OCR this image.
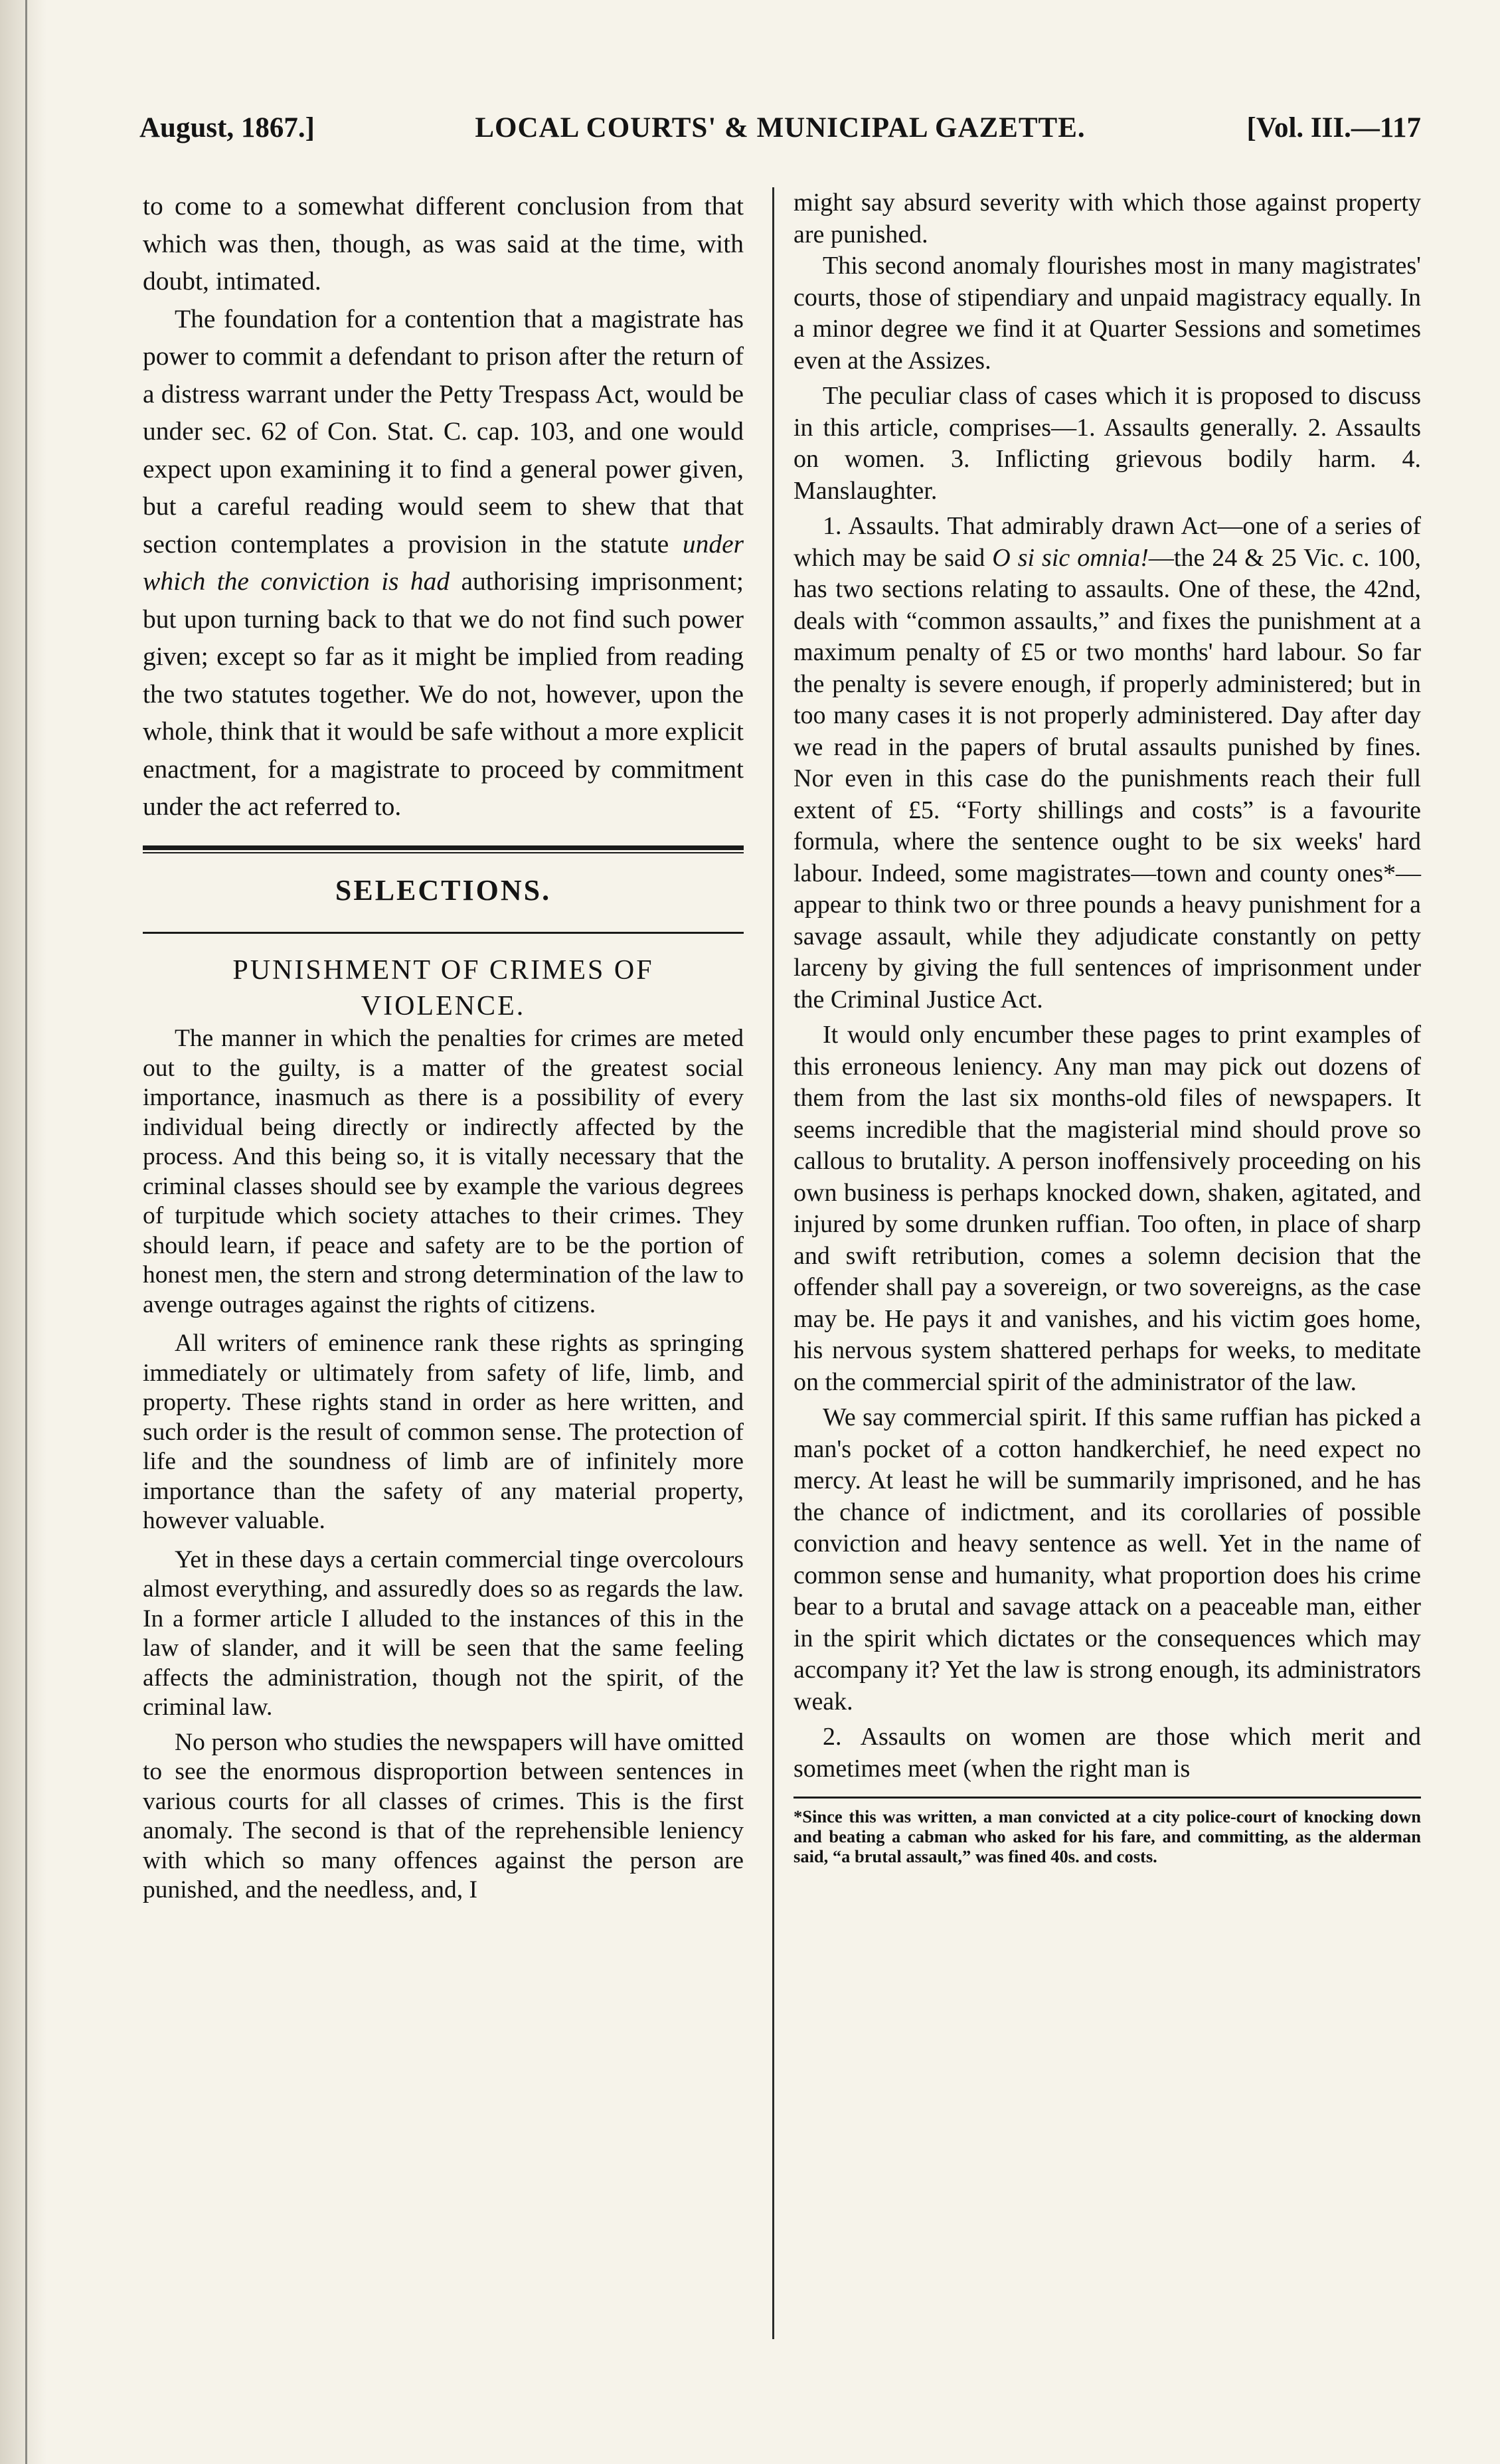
August, 1867.]	LOCAL COURTS' & MUNICIPAL GAZETTE.	[Vol. III.—117

to come to a somewhat different conclusion from that which was then, though, as was said at the time, with doubt, intimated.

The foundation for a contention that a magistrate has power to commit a defendant to prison after the return of a distress warrant under the Petty Trespass Act, would be under sec. 62 of Con. Stat. C. cap. 103, and one would expect upon examining it to find a general power given, but a careful reading would seem to shew that that section contemplates a provision in the statute under which the conviction is had authorising imprisonment; but upon turning back to that we do not find such power given; except so far as it might be implied from reading the two statutes together. We do not, however, upon the whole, think that it would be safe without a more explicit enactment, for a magistrate to proceed by commitment under the act referred to.

SELECTIONS.

PUNISHMENT OF CRIMES OF
VIOLENCE.

The manner in which the penalties for crimes are meted out to the guilty, is a matter of the greatest social importance, inasmuch as there is a possibility of every individual being directly or indirectly affected by the process. And this being so, it is vitally necessary that the criminal classes should see by example the various degrees of turpitude which society attaches to their crimes. They should learn, if peace and safety are to be the portion of honest men, the stern and strong determination of the law to avenge outrages against the rights of citizens.

All writers of eminence rank these rights as springing immediately or ultimately from safety of life, limb, and property. These rights stand in order as here written, and such order is the result of common sense. The protection of life and the soundness of limb are of infinitely more importance than the safety of any material property, however valuable.

Yet in these days a certain commercial tinge overcolours almost everything, and assuredly does so as regards the law. In a former article I alluded to the instances of this in the law of slander, and it will be seen that the same feeling affects the administration, though not the spirit, of the criminal law.

No person who studies the newspapers will have omitted to see the enormous disproportion between sentences in various courts for all classes of crimes. This is the first anomaly. The second is that of the reprehensible leniency with which so many offences against the person are punished, and the needless, and, I

might say absurd severity with which those against property are punished.

This second anomaly flourishes most in many magistrates' courts, those of stipendiary and unpaid magistracy equally. In a minor degree we find it at Quarter Sessions and sometimes even at the Assizes.

The peculiar class of cases which it is proposed to discuss in this article, comprises—1. Assaults generally. 2. Assaults on women. 3. Inflicting grievous bodily harm. 4. Manslaughter.

1. Assaults. That admirably drawn Act—one of a series of which may be said O si sic omnia!—the 24 & 25 Vic. c. 100, has two sections relating to assaults. One of these, the 42nd, deals with “common assaults,” and fixes the punishment at a maximum penalty of £5 or two months' hard labour. So far the penalty is severe enough, if properly administered; but in too many cases it is not properly administered. Day after day we read in the papers of brutal assaults punished by fines. Nor even in this case do the punishments reach their full extent of £5. “Forty shillings and costs” is a favourite formula, where the sentence ought to be six weeks' hard labour. Indeed, some magistrates—town and county ones*—appear to think two or three pounds a heavy punishment for a savage assault, while they adjudicate constantly on petty larceny by giving the full sentences of imprisonment under the Criminal Justice Act.

It would only encumber these pages to print examples of this erroneous leniency. Any man may pick out dozens of them from the last six months-old files of newspapers. It seems incredible that the magisterial mind should prove so callous to brutality. A person inoffensively proceeding on his own business is perhaps knocked down, shaken, agitated, and injured by some drunken ruffian. Too often, in place of sharp and swift retribution, comes a solemn decision that the offender shall pay a sovereign, or two sovereigns, as the case may be. He pays it and vanishes, and his victim goes home, his nervous system shattered perhaps for weeks, to meditate on the commercial spirit of the administrator of the law.

We say commercial spirit. If this same ruffian has picked a man's pocket of a cotton handkerchief, he need expect no mercy. At least he will be summarily imprisoned, and he has the chance of indictment, and its corollaries of possible conviction and heavy sentence as well. Yet in the name of common sense and humanity, what proportion does his crime bear to a brutal and savage attack on a peaceable man, either in the spirit which dictates or the consequences which may accompany it? Yet the law is strong enough, its administrators weak.

2. Assaults on women are those which merit and sometimes meet (when the right man is

*Since this was written, a man convicted at a city police-court of knocking down and beating a cabman who asked for his fare, and committing, as the alderman said, “a brutal assault,” was fined 40s. and costs.
